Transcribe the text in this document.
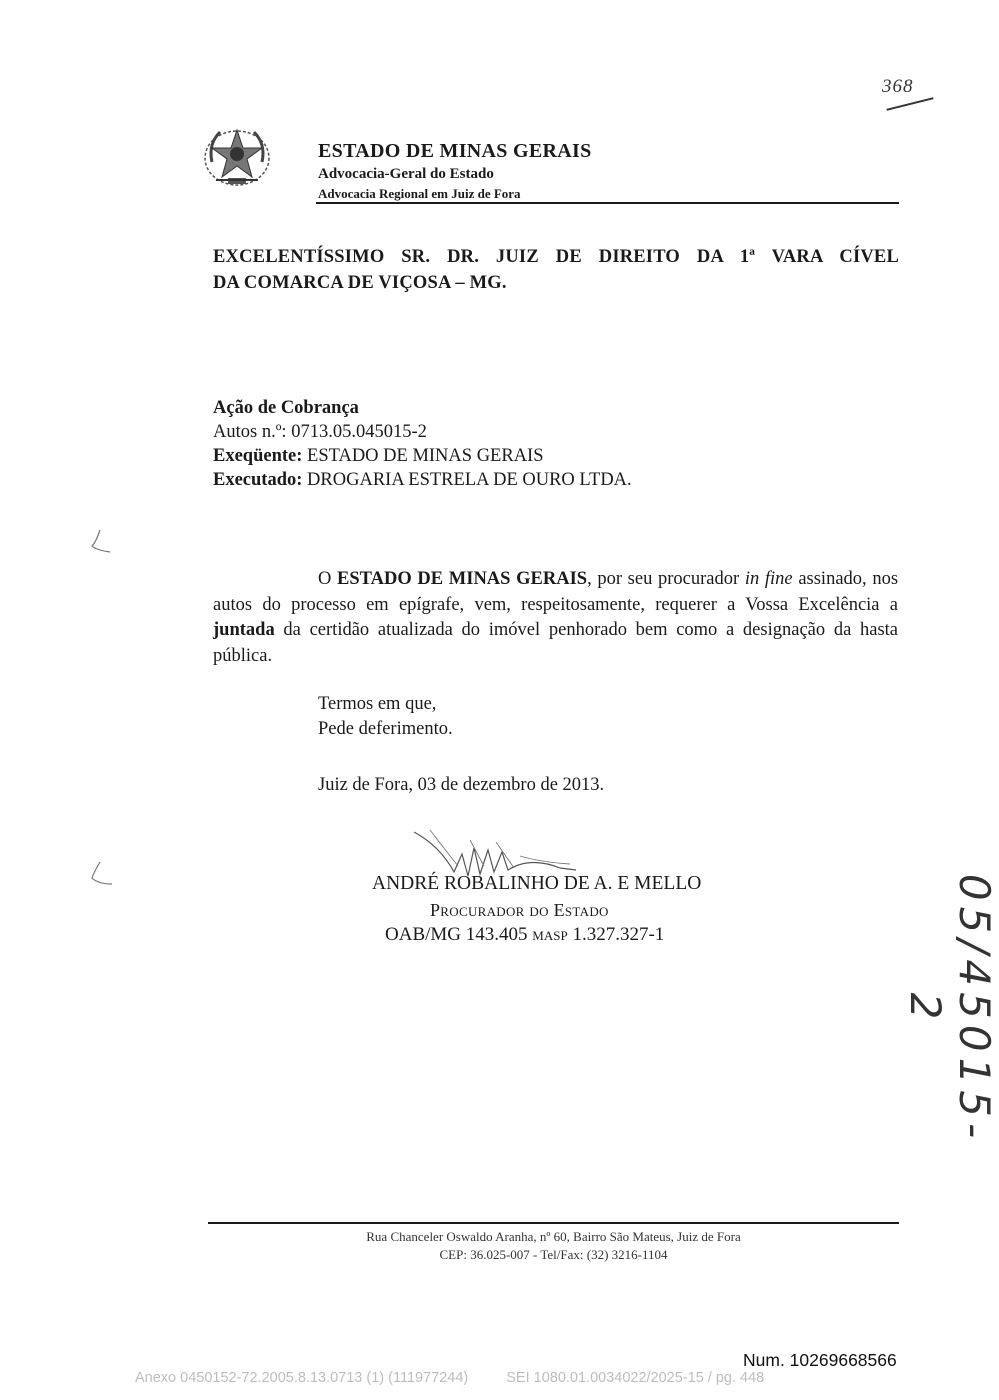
368
ESTADO DE MINAS GERAIS
Advocacia-Geral do Estado
Advocacia Regional em Juiz de Fora
EXCELENTÍSSIMO SR. DR. JUIZ DE DIREITO DA 1ª VARA CÍVEL
DA COMARCA DE VIÇOSA – MG.
Ação de Cobrança
Autos n.º: 0713.05.045015-2
Exeqüente: ESTADO DE MINAS GERAIS
Executado: DROGARIA ESTRELA DE OURO LTDA.
O ESTADO DE MINAS GERAIS, por seu procurador in fine assinado, nos autos do processo em epígrafe, vem, respeitosamente, requerer a Vossa Excelência a juntada da certidão atualizada do imóvel penhorado bem como a designação da hasta pública.
Termos em que,
Pede deferimento.
Juiz de Fora, 03 de dezembro de 2013.
ANDRÉ ROBALINHO DE A. E MELLO
Procurador do Estado
OAB/MG 143.405 masp 1.327.327-1	05/45015-2
Rua Chanceler Oswaldo Aranha, nº 60, Bairro São Mateus, Juiz de Fora
CEP: 36.025-007 - Tel/Fax: (32) 3216-1104
Num. 10269668566
Anexo 0450152-72.2005.8.13.0713 (1) (111977244)	SEI 1080.01.0034022/2025-15 / pg. 448
